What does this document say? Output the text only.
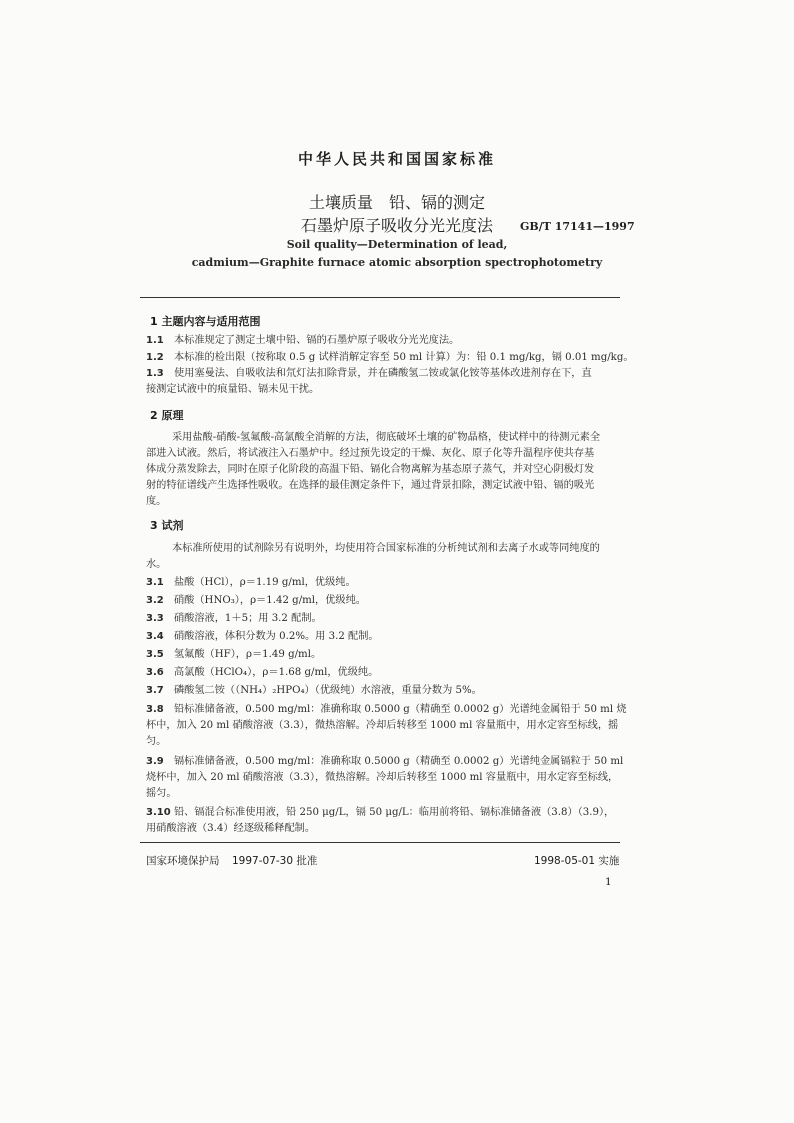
中华人民共和国国家标准
土壤质量　铅、镉的测定
石墨炉原子吸收分光光度法	GB/T 17141—1997
Soil quality—Determination of lead,
cadmium—Graphite furnace atomic absorption spectrophotometry
1 主题内容与适用范围
1.1 本标准规定了测定土壤中铅、镉的石墨炉原子吸收分光光度法。
1.2 本标准的检出限（按称取 0.5 g 试样消解定容至 50 ml 计算）为：铅 0.1 mg/kg，镉 0.01 mg/kg。
1.3 使用塞曼法、自吸收法和氘灯法扣除背景，并在磷酸氢二铵或氯化铵等基体改进剂存在下，直
接测定试液中的痕量铅、镉未见干扰。
2 原理
采用盐酸-硝酸-氢氟酸-高氯酸全消解的方法，彻底破坏土壤的矿物晶格，使试样中的待测元素全
部进入试液。然后，将试液注入石墨炉中。经过预先设定的干燥、灰化、原子化等升温程序使共存基
体成分蒸发除去，同时在原子化阶段的高温下铅、镉化合物离解为基态原子蒸气，并对空心阴极灯发
射的特征谱线产生选择性吸收。在选择的最佳测定条件下，通过背景扣除，测定试液中铅、镉的吸光
度。
3 试剂
本标准所使用的试剂除另有说明外，均使用符合国家标准的分析纯试剂和去离子水或等同纯度的
水。
3.1 盐酸（HCl），ρ＝1.19 g/ml，优级纯。
3.2 硝酸（HNO₃），ρ＝1.42 g/ml，优级纯。
3.3 硝酸溶液，1＋5；用 3.2 配制。
3.4 硝酸溶液，体积分数为 0.2%。用 3.2 配制。
3.5 氢氟酸（HF），ρ＝1.49 g/ml。
3.6 高氯酸（HClO₄），ρ＝1.68 g/ml，优级纯。
3.7 磷酸氢二铵（（NH₄）₂HPO₄）（优级纯）水溶液，重量分数为 5%。
3.8 铅标准储备液，0.500 mg/ml：准确称取 0.5000 g（精确至 0.0002 g）光谱纯金属铅于 50 ml 烧
杯中，加入 20 ml 硝酸溶液（3.3），微热溶解。冷却后转移至 1000 ml 容量瓶中，用水定容至标线，摇
匀。
3.9 镉标准储备液，0.500 mg/ml：准确称取 0.5000 g（精确至 0.0002 g）光谱纯金属镉粒于 50 ml
烧杯中，加入 20 ml 硝酸溶液（3.3），微热溶解。冷却后转移至 1000 ml 容量瓶中，用水定容至标线，
摇匀。
3.10 铅、镉混合标准使用液，铅 250 μg/L，镉 50 μg/L：临用前将铅、镉标准储备液（3.8）（3.9），
用硝酸溶液（3.4）经逐级稀释配制。
国家环境保护局 1997-07-30 批准	1998-05-01 实施
1
